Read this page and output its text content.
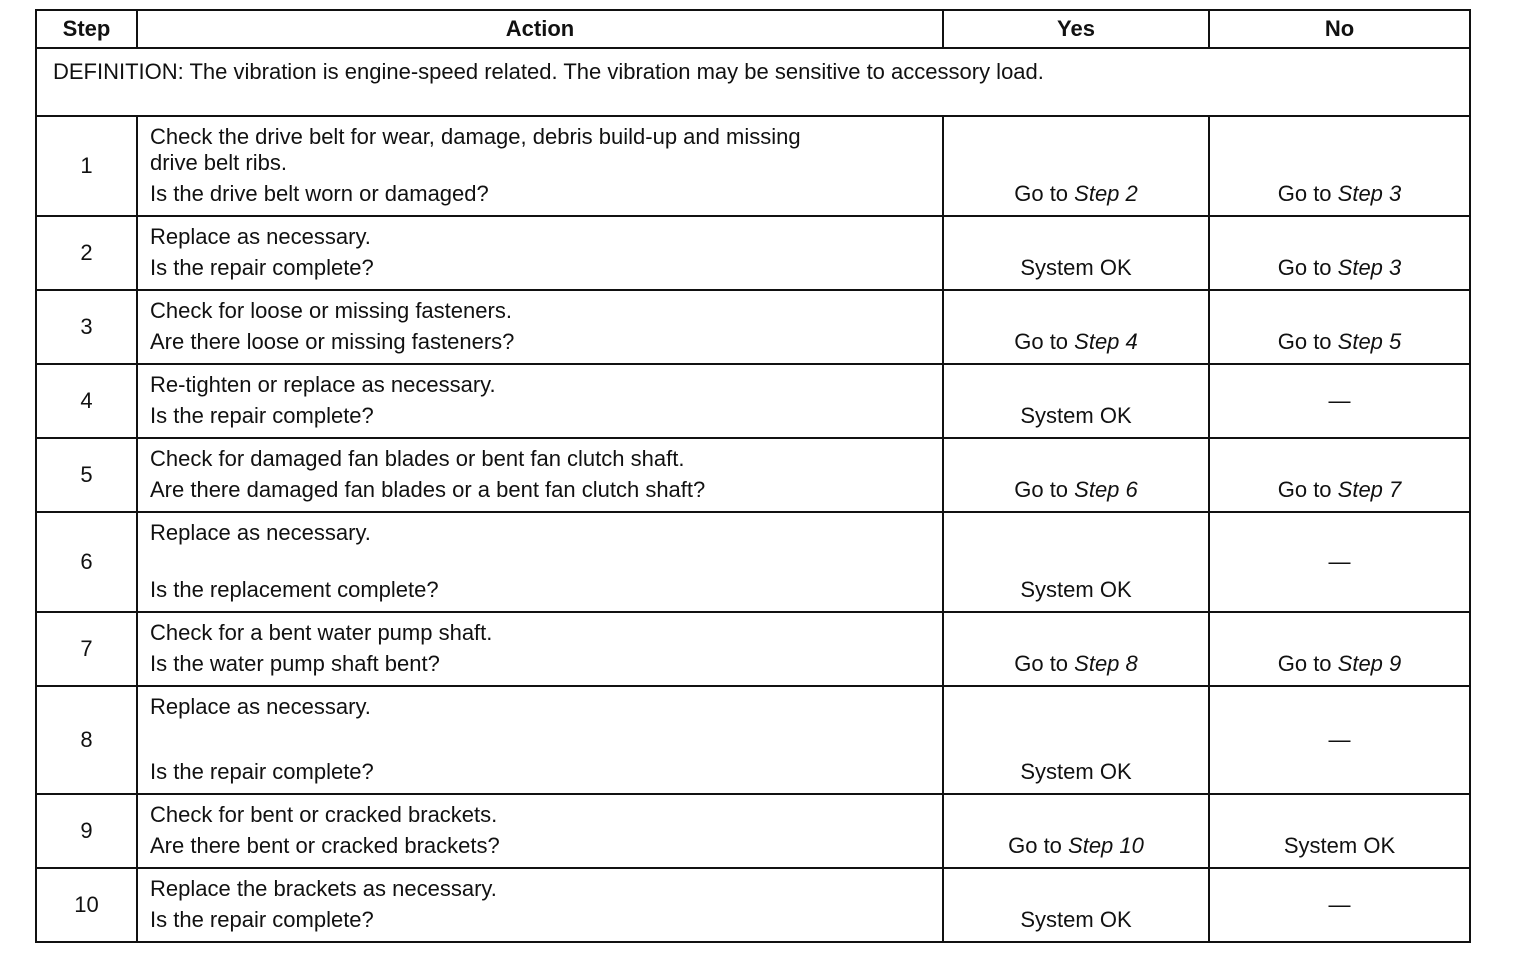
Step	Action	Yes	No
DEFINITION: The vibration is engine-speed related. The vibration may be sensitive to accessory load.			
1	Check the drive belt for wear, damage, debris build-up and missing
drive belt ribs.
Is the drive belt worn or damaged?	Go to Step 2	Go to Step 3
2	Replace as necessary.
Is the repair complete?	System OK	Go to Step 3
3	Check for loose or missing fasteners.
Are there loose or missing fasteners?	Go to Step 4	Go to Step 5
4	Re-tighten or replace as necessary.
Is the repair complete?	System OK	—
5	Check for damaged fan blades or bent fan clutch shaft.
Are there damaged fan blades or a bent fan clutch shaft?	Go to Step 6	Go to Step 7
6	Replace as necessary.
Is the replacement complete?	System OK	—
7	Check for a bent water pump shaft.
Is the water pump shaft bent?	Go to Step 8	Go to Step 9
8	Replace as necessary.
Is the repair complete?	System OK	—
9	Check for bent or cracked brackets.
Are there bent or cracked brackets?	Go to Step 10	System OK
10	Replace the brackets as necessary.
Is the repair complete?	System OK	—
